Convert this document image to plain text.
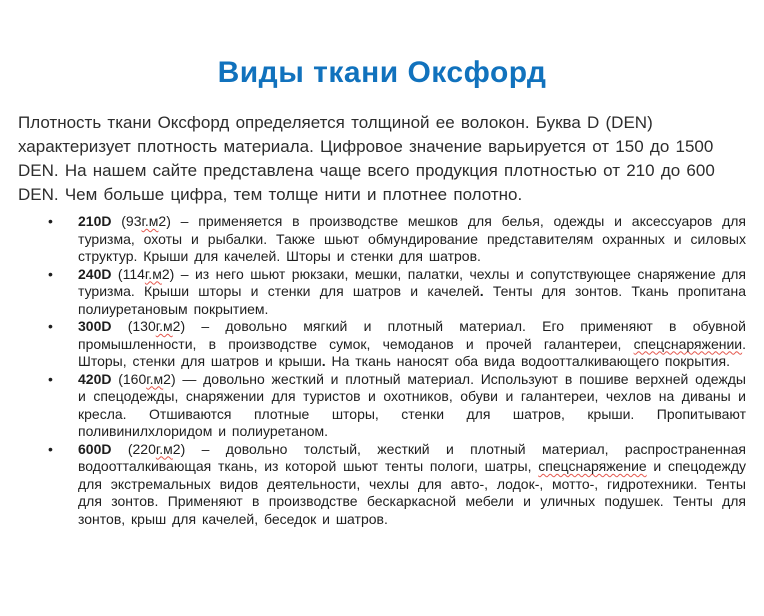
Виды ткани Оксфорд

Плотность ткани Оксфорд определяется толщиной ее волокон. Буква D (DEN) характеризует плотность материала. Цифровое значение варьируется от 150 до 1500 DEN. На нашем сайте представлена чаще всего продукция плотностью от 210 до 600 DEN. Чем больше цифра, тем толще нити и плотнее полотно.

• 210D (93г.м2) – применяется в производстве мешков для белья, одежды и аксессуаров для туризма, охоты и рыбалки. Также шьют обмундирование представителям охранных и силовых структур. Крыши для качелей. Шторы и стенки для шатров.
• 240D (114г.м2) – из него шьют рюкзаки, мешки, палатки, чехлы и сопутствующее снаряжение для туризма. Крыши шторы и стенки для шатров и качелей. Тенты для зонтов. Ткань пропитана полиуретановым покрытием.
• 300D (130г.м2) – довольно мягкий и плотный материал. Его применяют в обувной промышленности, в производстве сумок, чемоданов и прочей галантереи, спецснаряжении. Шторы, стенки для шатров и крыши. На ткань наносят оба вида водоотталкивающего покрытия.
• 420D (160г.м2) — довольно жесткий и плотный материал. Используют в пошиве верхней одежды и спецодежды, снаряжении для туристов и охотников, обуви и галантереи, чехлов на диваны и кресла. Отшиваются плотные шторы, стенки для шатров, крыши. Пропитывают поливинилхлоридом и полиуретаном.
• 600D (220г.м2) – довольно толстый, жесткий и плотный материал, распространенная водоотталкивающая ткань, из которой шьют тенты пологи, шатры, спецснаряжение и спецодежду для экстремальных видов деятельности, чехлы для авто-, лодок-, мотто-, гидротехники. Тенты для зонтов. Применяют в производстве бескаркасной мебели и уличных подушек. Тенты для зонтов, крыш для качелей, беседок и шатров.
